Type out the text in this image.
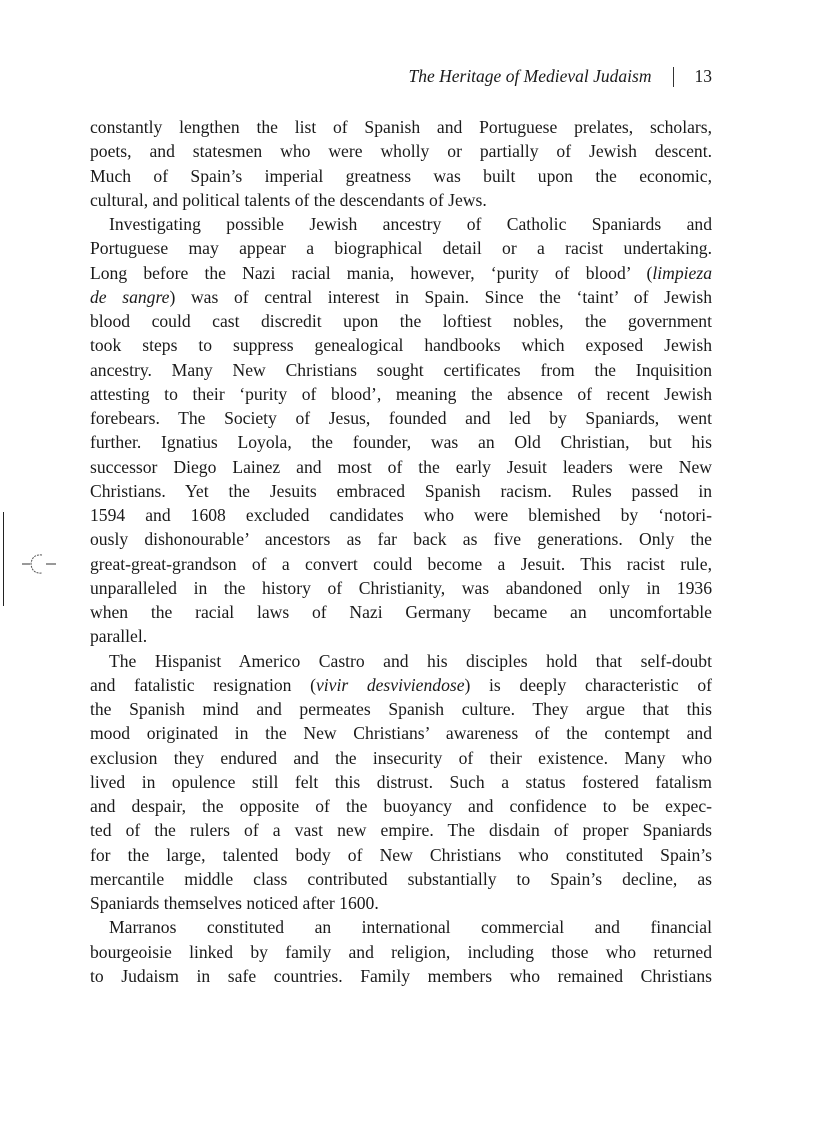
The Heritage of Medieval Judaism 13
constantly lengthen the list of Spanish and Portuguese prelates, scholars,
poets, and statesmen who were wholly or partially of Jewish descent.
Much of Spain’s imperial greatness was built upon the economic,
cultural, and political talents of the descendants of Jews.
Investigating possible Jewish ancestry of Catholic Spaniards and
Portuguese may appear a biographical detail or a racist undertaking.
Long before the Nazi racial mania, however, ‘purity of blood’ (limpieza
de sangre) was of central interest in Spain. Since the ‘taint’ of Jewish
blood could cast discredit upon the loftiest nobles, the government
took steps to suppress genealogical handbooks which exposed Jewish
ancestry. Many New Christians sought certificates from the Inquisition
attesting to their ‘purity of blood’, meaning the absence of recent Jewish
forebears. The Society of Jesus, founded and led by Spaniards, went
further. Ignatius Loyola, the founder, was an Old Christian, but his
successor Diego Lainez and most of the early Jesuit leaders were New
Christians. Yet the Jesuits embraced Spanish racism. Rules passed in
1594 and 1608 excluded candidates who were blemished by ‘notori-
ously dishonourable’ ancestors as far back as five generations. Only the
great-great-grandson of a convert could become a Jesuit. This racist rule,
unparalleled in the history of Christianity, was abandoned only in 1936
when the racial laws of Nazi Germany became an uncomfortable
parallel.
The Hispanist Americo Castro and his disciples hold that self-doubt
and fatalistic resignation (vivir desviviendose) is deeply characteristic of
the Spanish mind and permeates Spanish culture. They argue that this
mood originated in the New Christians’ awareness of the contempt and
exclusion they endured and the insecurity of their existence. Many who
lived in opulence still felt this distrust. Such a status fostered fatalism
and despair, the opposite of the buoyancy and confidence to be expec-
ted of the rulers of a vast new empire. The disdain of proper Spaniards
for the large, talented body of New Christians who constituted Spain’s
mercantile middle class contributed substantially to Spain’s decline, as
Spaniards themselves noticed after 1600.
Marranos constituted an international commercial and financial
bourgeoisie linked by family and religion, including those who returned
to Judaism in safe countries. Family members who remained Christians
